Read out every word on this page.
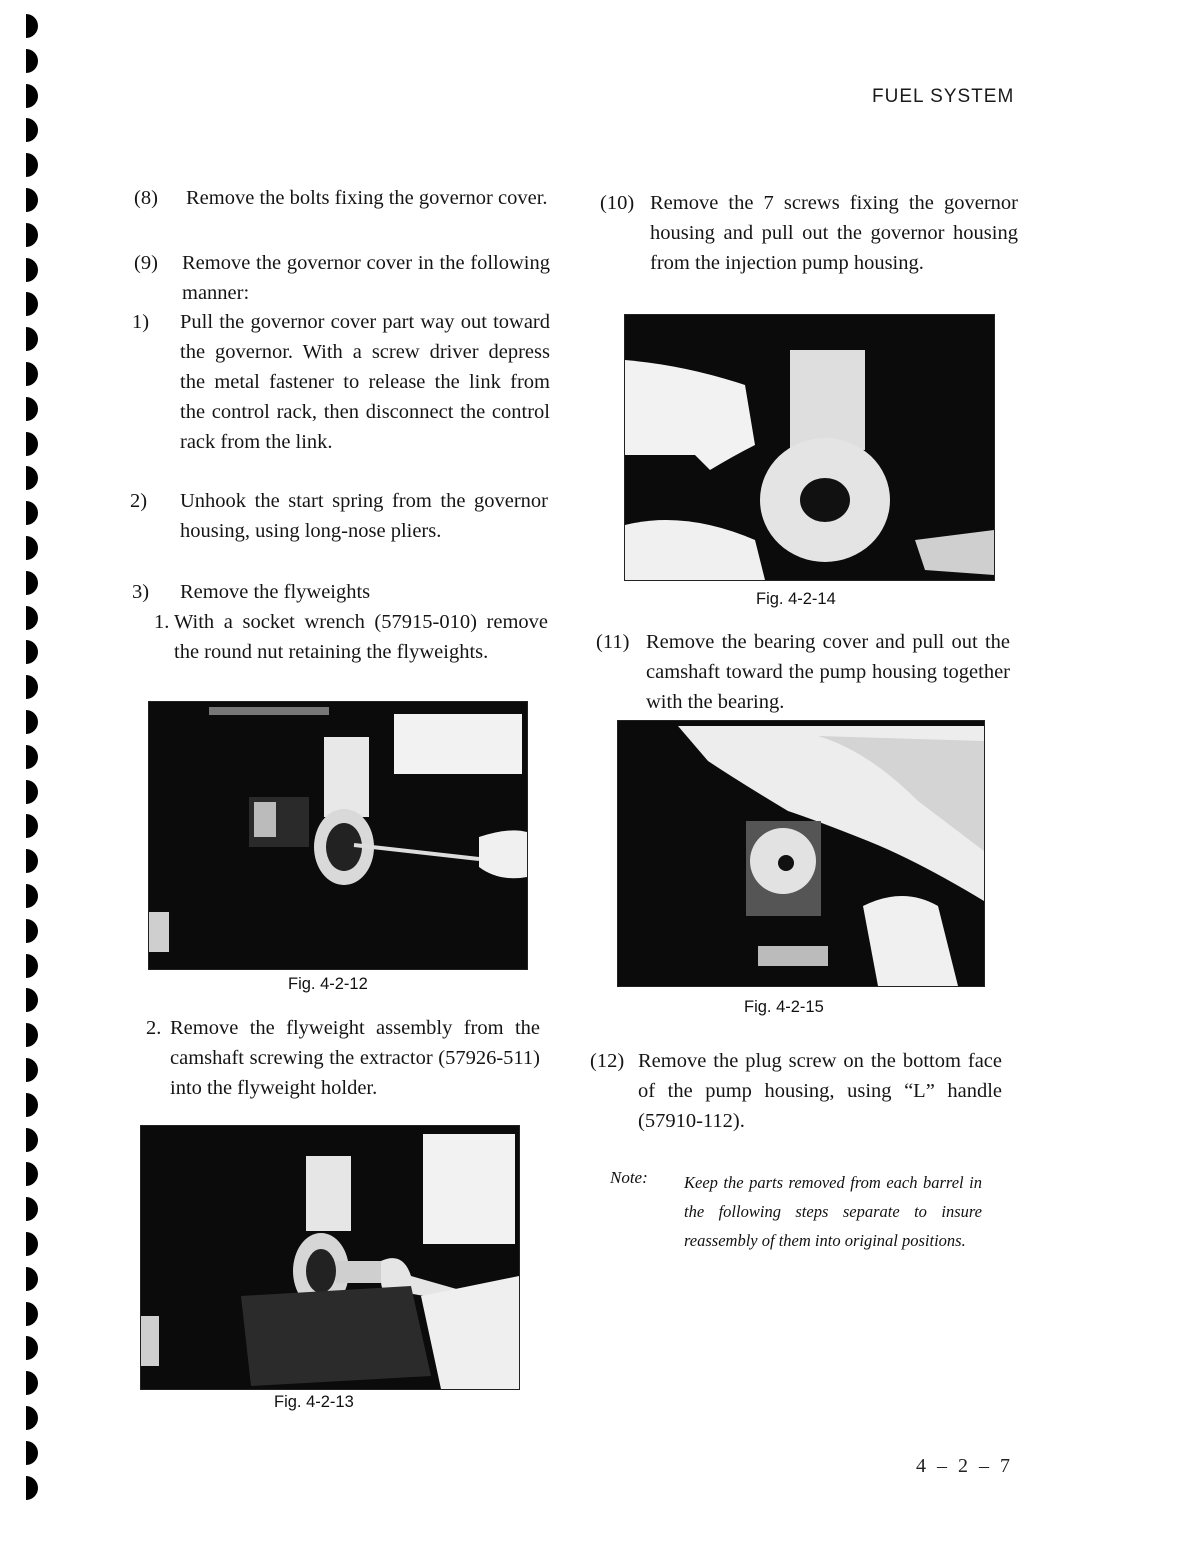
FUEL SYSTEM
(8) Remove the bolts fixing the governor cover.
(9) Remove the governor cover in the following manner:
1) Pull the governor cover part way out toward the governor. With a screw driver depress the metal fastener to release the link from the control rack, then disconnect the control rack from the link.
2) Unhook the start spring from the governor housing, using long-nose pliers.
3) Remove the flyweights
1. With a socket wrench (57915-010) remove the round nut retaining the flyweights.
Fig. 4-2-12
2. Remove the flyweight assembly from the camshaft screwing the extractor (57926-511) into the flyweight holder.
Fig. 4-2-13
(10) Remove the 7 screws fixing the governor housing and pull out the governor housing from the injection pump housing.
Fig. 4-2-14
(11) Remove the bearing cover and pull out the camshaft toward the pump housing together with the bearing.
Fig. 4-2-15
(12) Remove the plug screw on the bottom face of the pump housing, using “L” handle (57910-112).
Note: Keep the parts removed from each barrel in the following steps separate to insure reassembly of them into original positions.
4 – 2 – 7
